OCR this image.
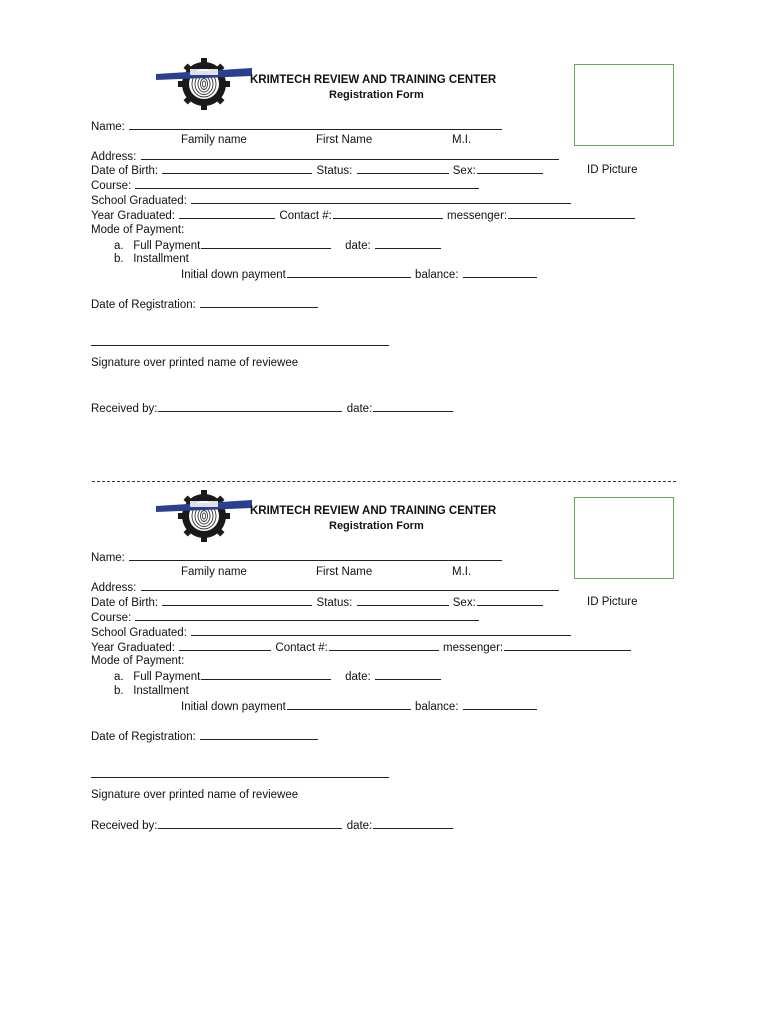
KRIMTECH REVIEW AND TRAINING CENTER
Registration Form
Name:
Family name	First Name	M.I.
Address:
Date of Birth:	Status:	Sex:	ID Picture
Course:
School Graduated:
Year Graduated:	Contact #:	messenger:
Mode of Payment:
a. Full Payment	date:
b. Installment
Initial down payment	balance:
Date of Registration:
Signature over printed name of reviewee
Received by:	date:
KRIMTECH REVIEW AND TRAINING CENTER
Registration Form
Name:
Family name	First Name	M.I.
Address:
Date of Birth:	Status:	Sex:	ID Picture
Course:
School Graduated:
Year Graduated:	Contact #:	messenger:
Mode of Payment:
a. Full Payment	date:
b. Installment
Initial down payment	balance:
Date of Registration:
Signature over printed name of reviewee
Received by:	date:
